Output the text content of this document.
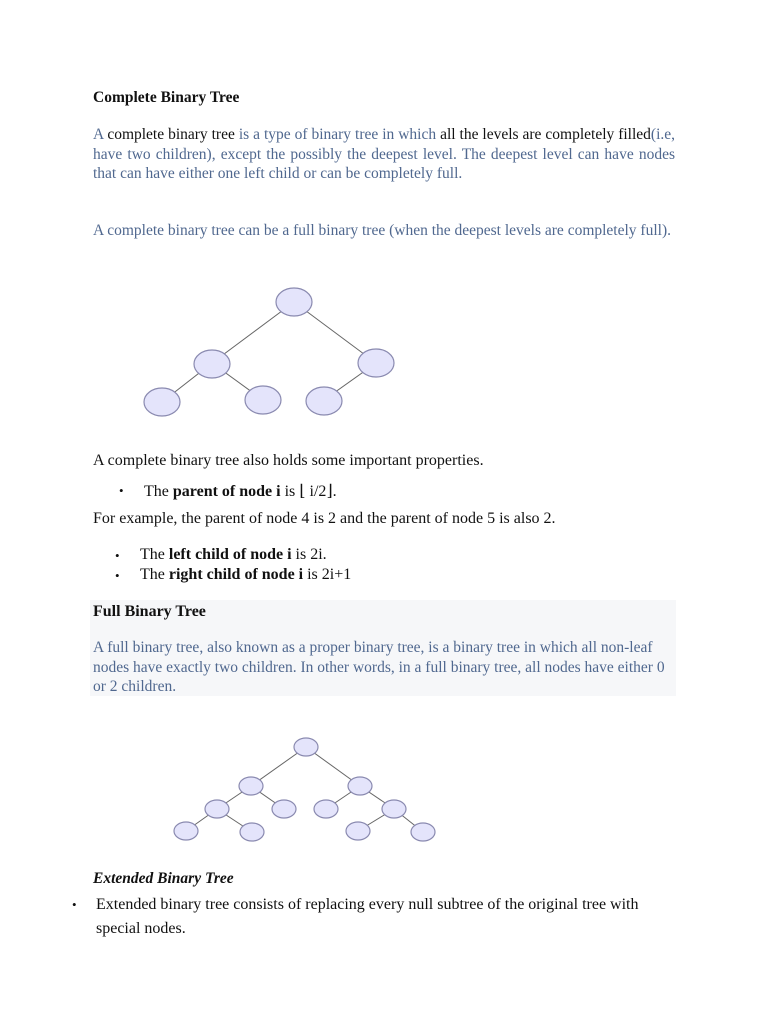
Complete Binary Tree
A complete binary tree is a type of binary tree in which all the levels are completely filled(i.e, have two children), except the possibly the deepest level. The deepest level can have nodes that can have either one left child or can be completely full.
A complete binary tree can be a full binary tree (when the deepest levels are completely full).
A complete binary tree also holds some important properties.
• The parent of node i is ⌊ i/2⌋.
For example, the parent of node 4 is 2 and the parent of node 5 is also 2.
• The left child of node i is 2i.
• The right child of node i is 2i+1
Full Binary Tree
A full binary tree, also known as a proper binary tree, is a binary tree in which all non-leaf nodes have exactly two children. In other words, in a full binary tree, all nodes have either 0 or 2 children.
Extended Binary Tree
• Extended binary tree consists of replacing every null subtree of the original tree with special nodes.
